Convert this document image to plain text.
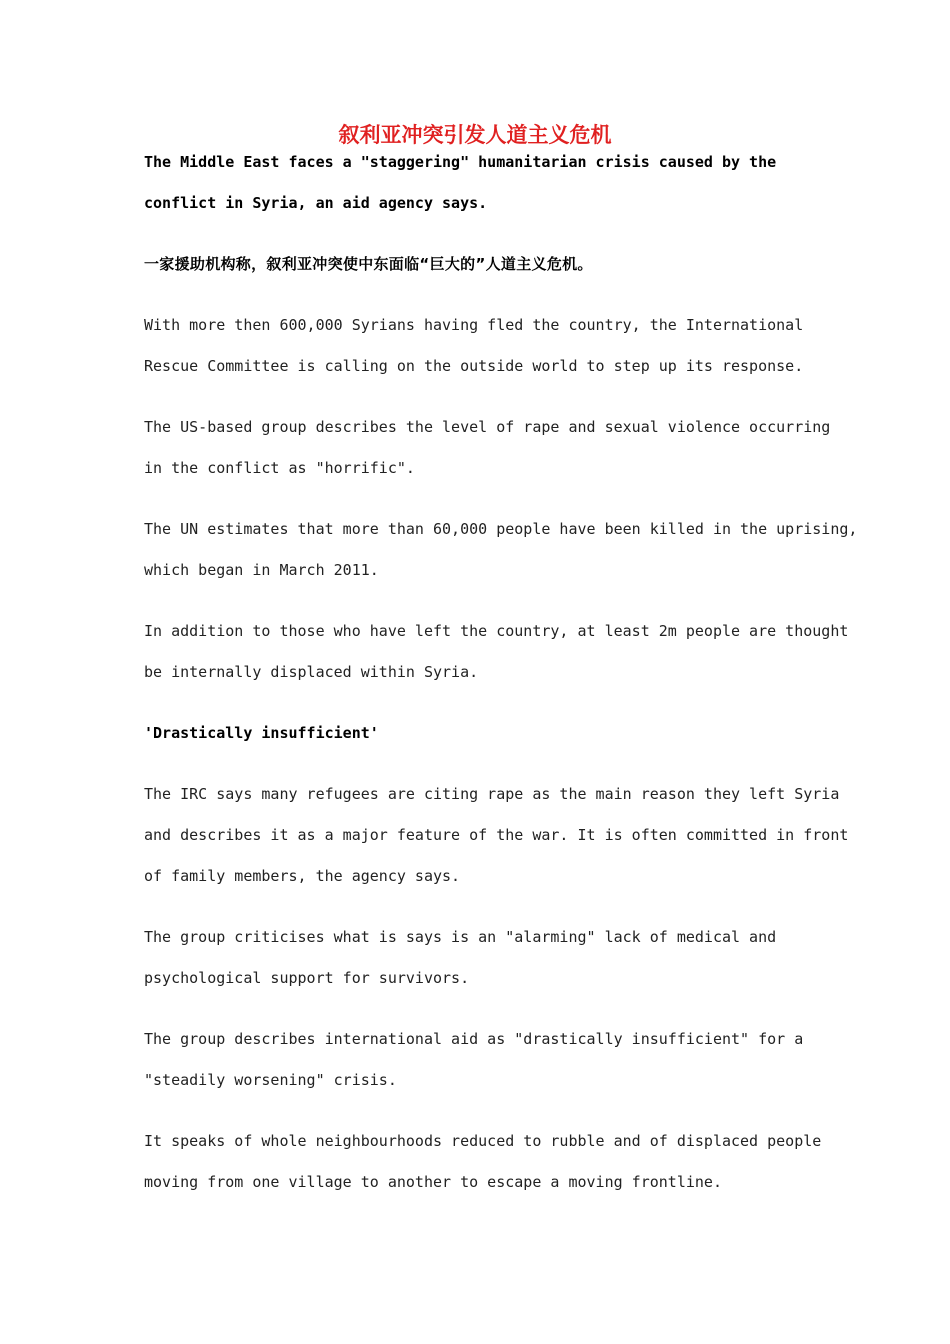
叙利亚冲突引发人道主义危机

The Middle East faces a "staggering" humanitarian crisis caused by the

conflict in Syria, an aid agency says.

一家援助机构称，叙利亚冲突使中东面临“巨大的”人道主义危机。

With more then 600,000 Syrians having fled the country, the International

Rescue Committee is calling on the outside world to step up its response.

The US-based group describes the level of rape and sexual violence occurring

in the conflict as "horrific".

The UN estimates that more than 60,000 people have been killed in the uprising,

which began in March 2011.

In addition to those who have left the country, at least 2m people are thought

be internally displaced within Syria.

'Drastically insufficient'

The IRC says many refugees are citing rape as the main reason they left Syria

and describes it as a major feature of the war. It is often committed in front

of family members, the agency says.

The group criticises what is says is an "alarming" lack of medical and

psychological support for survivors.

The group describes international aid as "drastically insufficient" for a

"steadily worsening" crisis.

It speaks of whole neighbourhoods reduced to rubble and of displaced people

moving from one village to another to escape a moving frontline.
